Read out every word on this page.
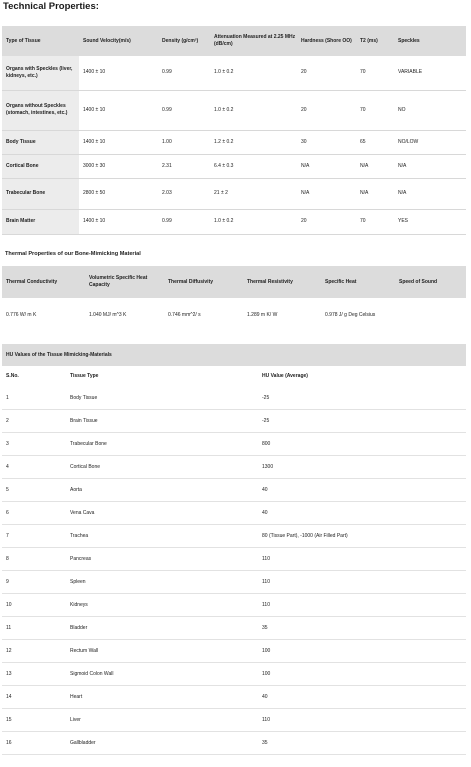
Technical Properties:
Type of Tissue	Sound Velocity(m/s)	Density (g/cm³)	Attenuation Measured at 2.25 MHz (dB/cm)	Hardness (Shore OO)	T2 (ms)	Speckles
Organs with Speckles (liver, kidneys, etc.)	1400 ± 10	0.99	1.0 ± 0.2	20	70	VARIABLE
Organs without Speckles (stomach, intestines, etc.)	1400 ± 10	0.99	1.0 ± 0.2	20	70	NO
Body Tissue	1400 ± 10	1.00	1.2 ± 0.2	30	65	NO/LOW
Cortical Bone	3000 ± 30	2.31	6.4 ± 0.3	N/A	N/A	N/A
Trabecular Bone	2800 ± 50	2.03	21 ± 2	N/A	N/A	N/A
Brain Matter	1400 ± 10	0.99	1.0 ± 0.2	20	70	YES
Thermal Properties of our Bone-Mimicking Material
Thermal Conductivity	Volumetric Specific Heat Capacity	Thermal Diffusivity	Thermal Resistivity	Specific Heat	Speed of Sound
0.776 W/ m K	1.040 MJ/ m^3 K	0.746 mm^2/ s	1.289 m K/ W	0.978 J/ g Deg Celsius	
HU Values of the Tissue Mimicking-Materials		
S.No.	Tissue Type	HU Value (Average)
1	Body Tissue	-25
2	Brain Tissue	-25
3	Trabecular Bone	800
4	Cortical Bone	1300
5	Aorta	40
6	Vena Cava	40
7	Trachea	80 (Tissue Part), -1000 (Air Filled Part)
8	Pancreas	110
9	Spleen	110
10	Kidneys	110
11	Bladder	35
12	Rectum Wall	100
13	Sigmoid Colon Wall	100
14	Heart	40
15	Liver	110
16	Gallbladder	35
